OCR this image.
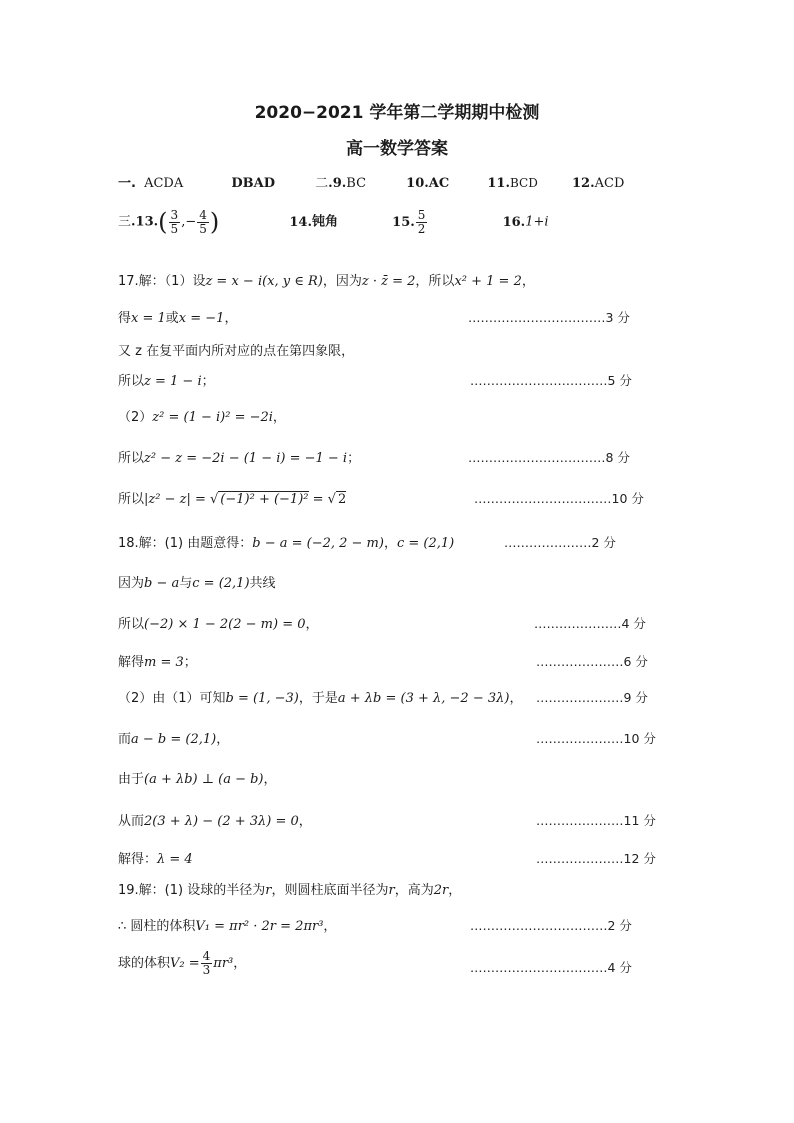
2020−2021 学年第二学期期中检测
高一数学答案
一. ACDA	DBAD	二.9.BC	10.AC	11.BCD	12.ACD
三$.13.( \frac{3}{5}$ ,− $\frac{4}{5}$ )	14.钝角	15. $\frac{5}{2}$	16.1+i
17.解：（1）设z = x − i(x, y ∈ R)，因为z · z̄ = 2，所以x² + 1 = 2，
得x = 1或x = −1，	……………………………3 分
又 z 在复平面内所对应的点在第四象限，
所以z = 1 − i；	……………………………5 分
（2）z² = (1 − i)² = −2i，
所以z² − z = −2i − (1 − i) = −1 − i；	……………………………8 分
所以|z² − z| = √ (−1)² + (−1)² = √ 2	……………………………10 分
18.解：(1) 由题意得：b − a = (−2, 2 − m)，c = (2,1)	…………………2 分
因为b − a与c = (2,1)共线
所以(−2) × 1 − 2(2 − m) = 0，	…………………4 分
解得m = 3；	…………………6 分
（2）由（1）可知b = (1, −3)，于是a + λb = (3 + λ, −2 − 3λ)， …………………9 分
而a − b = (2,1)，	…………………10 分
由于(a + λb) ⊥ (a − b)，
从而2(3 + λ) − (2 + 3λ) = 0，	…………………11 分
解得：λ = 4	…………………12 分
19.解：(1) 设球的半径为r，则圆柱底面半径为r，高为2r，
∴ 圆柱的体积V₁ = πr² · 2r = 2πr³，	……………………………2 分
球的体积$V_2 = \frac{4}{3} \pi r^3$，	……………………………4 分
